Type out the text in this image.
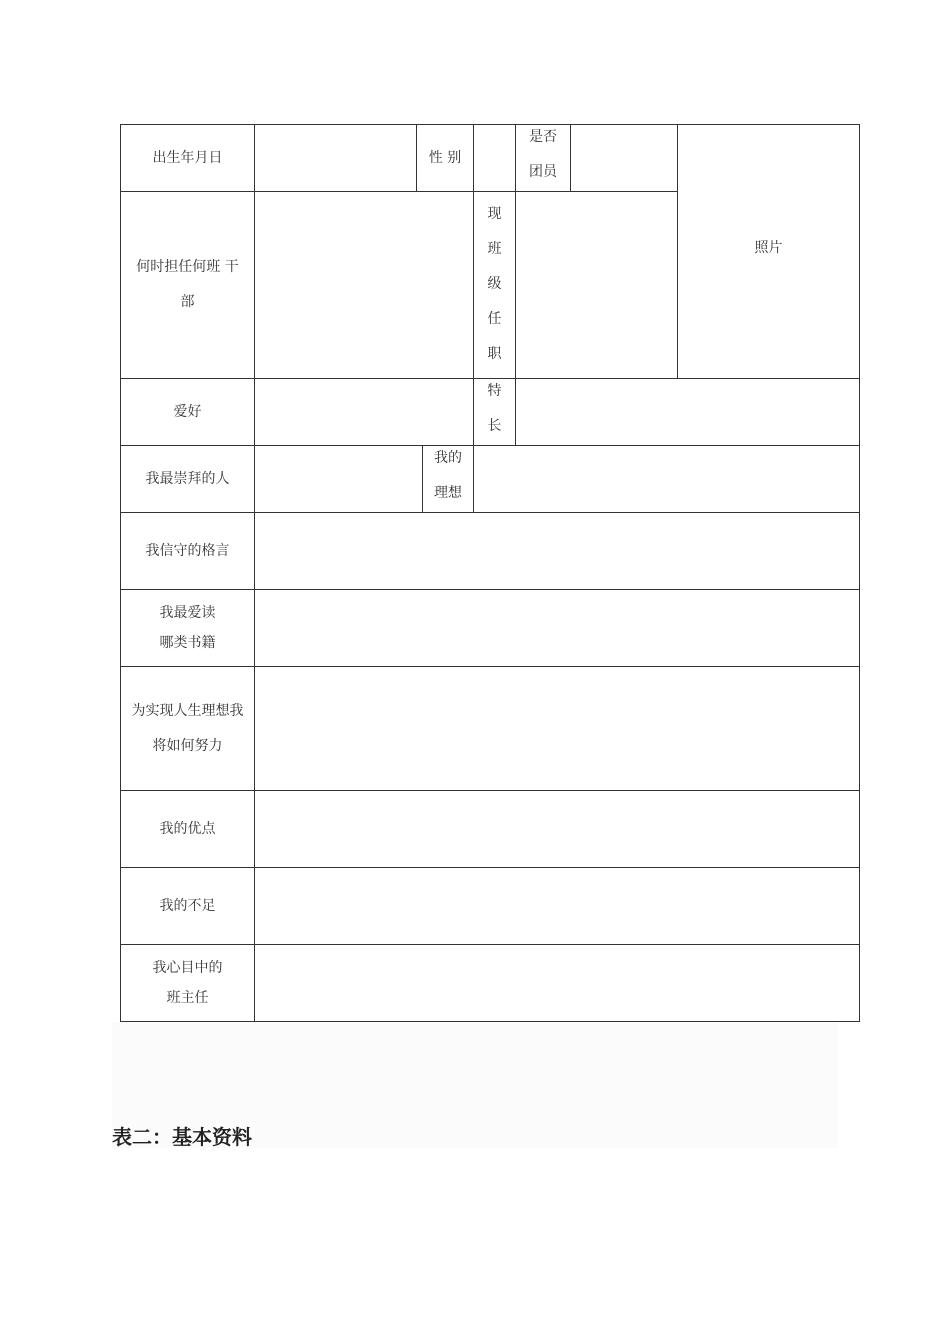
出生年月日	性 别
是否
团员
照片
何时担任何班 干
部
现
班
级
任
职
爱好
特
长
我最崇拜的人
我的
理想
我信守的格言
我最爱读
哪类书籍
为实现人生理想我
将如何努力
我的优点
我的不足
我心目中的
班主任
表二：基本资料
